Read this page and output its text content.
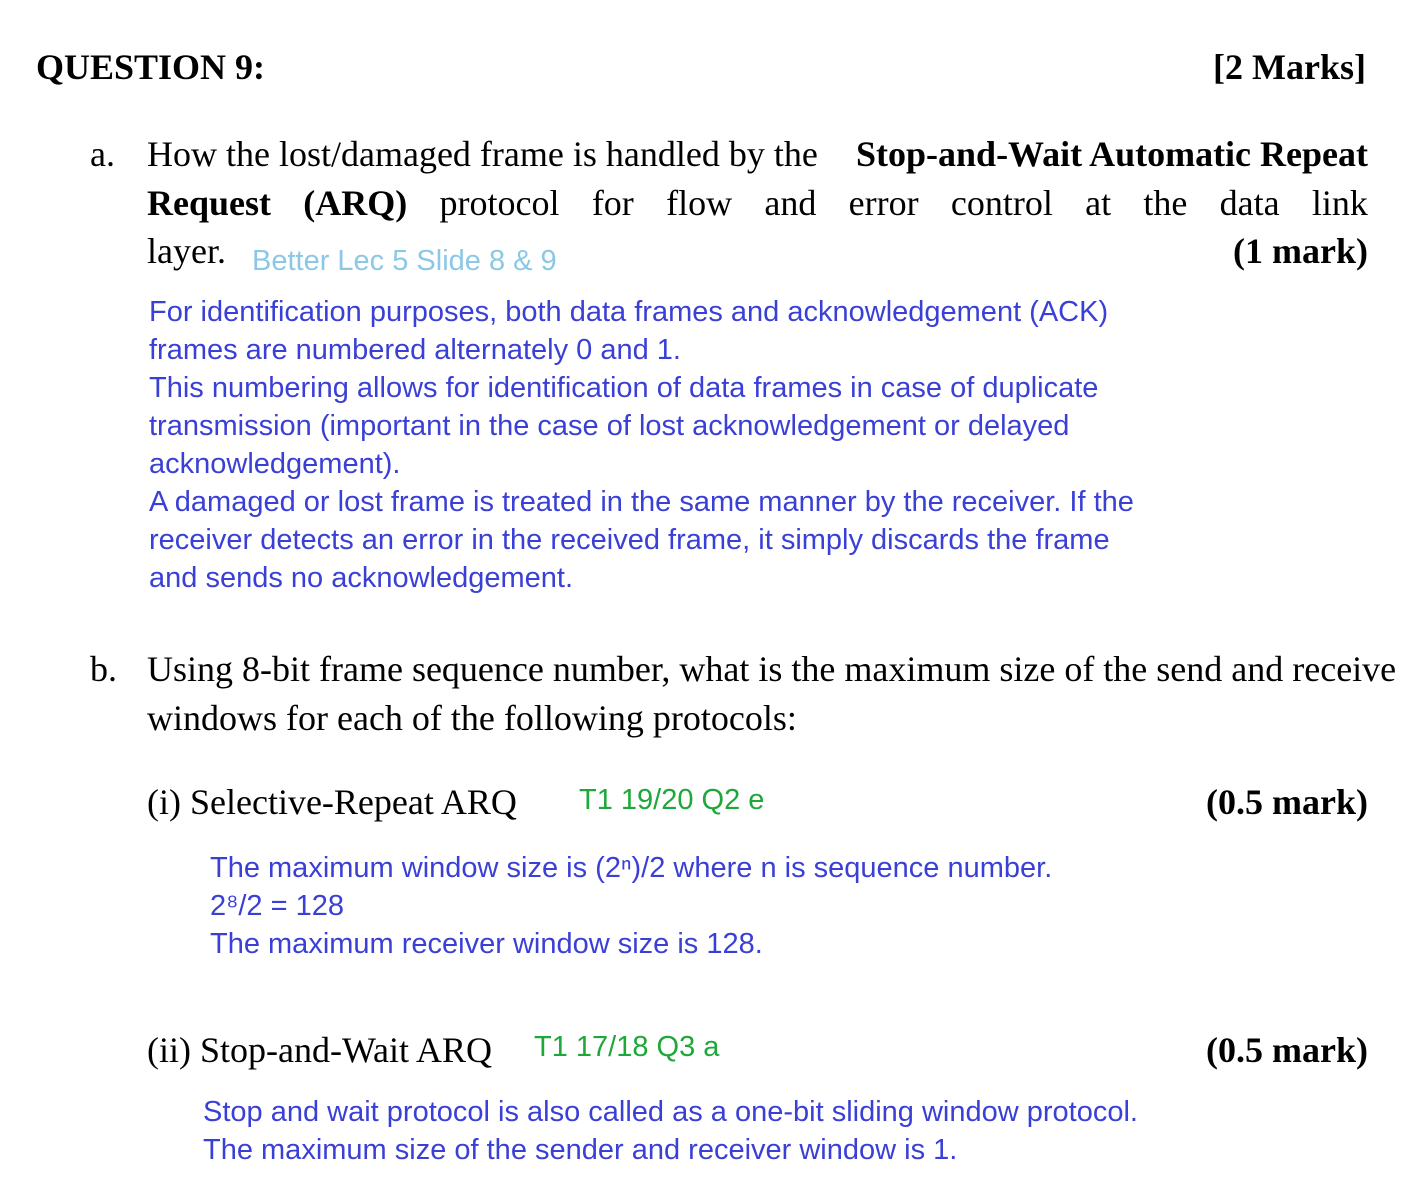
QUESTION 9:	[2 Marks]
a. How the lost/damaged frame is handled by the Stop-and-Wait Automatic Repeat
Request (ARQ) protocol for flow and error control at the data link
layer. Better Lec 5 Slide 8 & 9	(1 mark)
For identification purposes, both data frames and acknowledgement (ACK)
frames are numbered alternately 0 and 1.
This numbering allows for identification of data frames in case of duplicate
transmission (important in the case of lost acknowledgement or delayed
acknowledgement).
A damaged or lost frame is treated in the same manner by the receiver. If the
receiver detects an error in the received frame, it simply discards the frame
and sends no acknowledgement.
b. Using 8-bit frame sequence number, what is the maximum size of the send and receive
windows for each of the following protocols:
(i) Selective-Repeat ARQ T1 19/20 Q2 e	(0.5 mark)
The maximum window size is (2ⁿ)/2 where n is sequence number.
2⁸/2 = 128
The maximum receiver window size is 128.
(ii) Stop-and-Wait ARQ T1 17/18 Q3 a	(0.5 mark)
Stop and wait protocol is also called as a one-bit sliding window protocol.
The maximum size of the sender and receiver window is 1.
